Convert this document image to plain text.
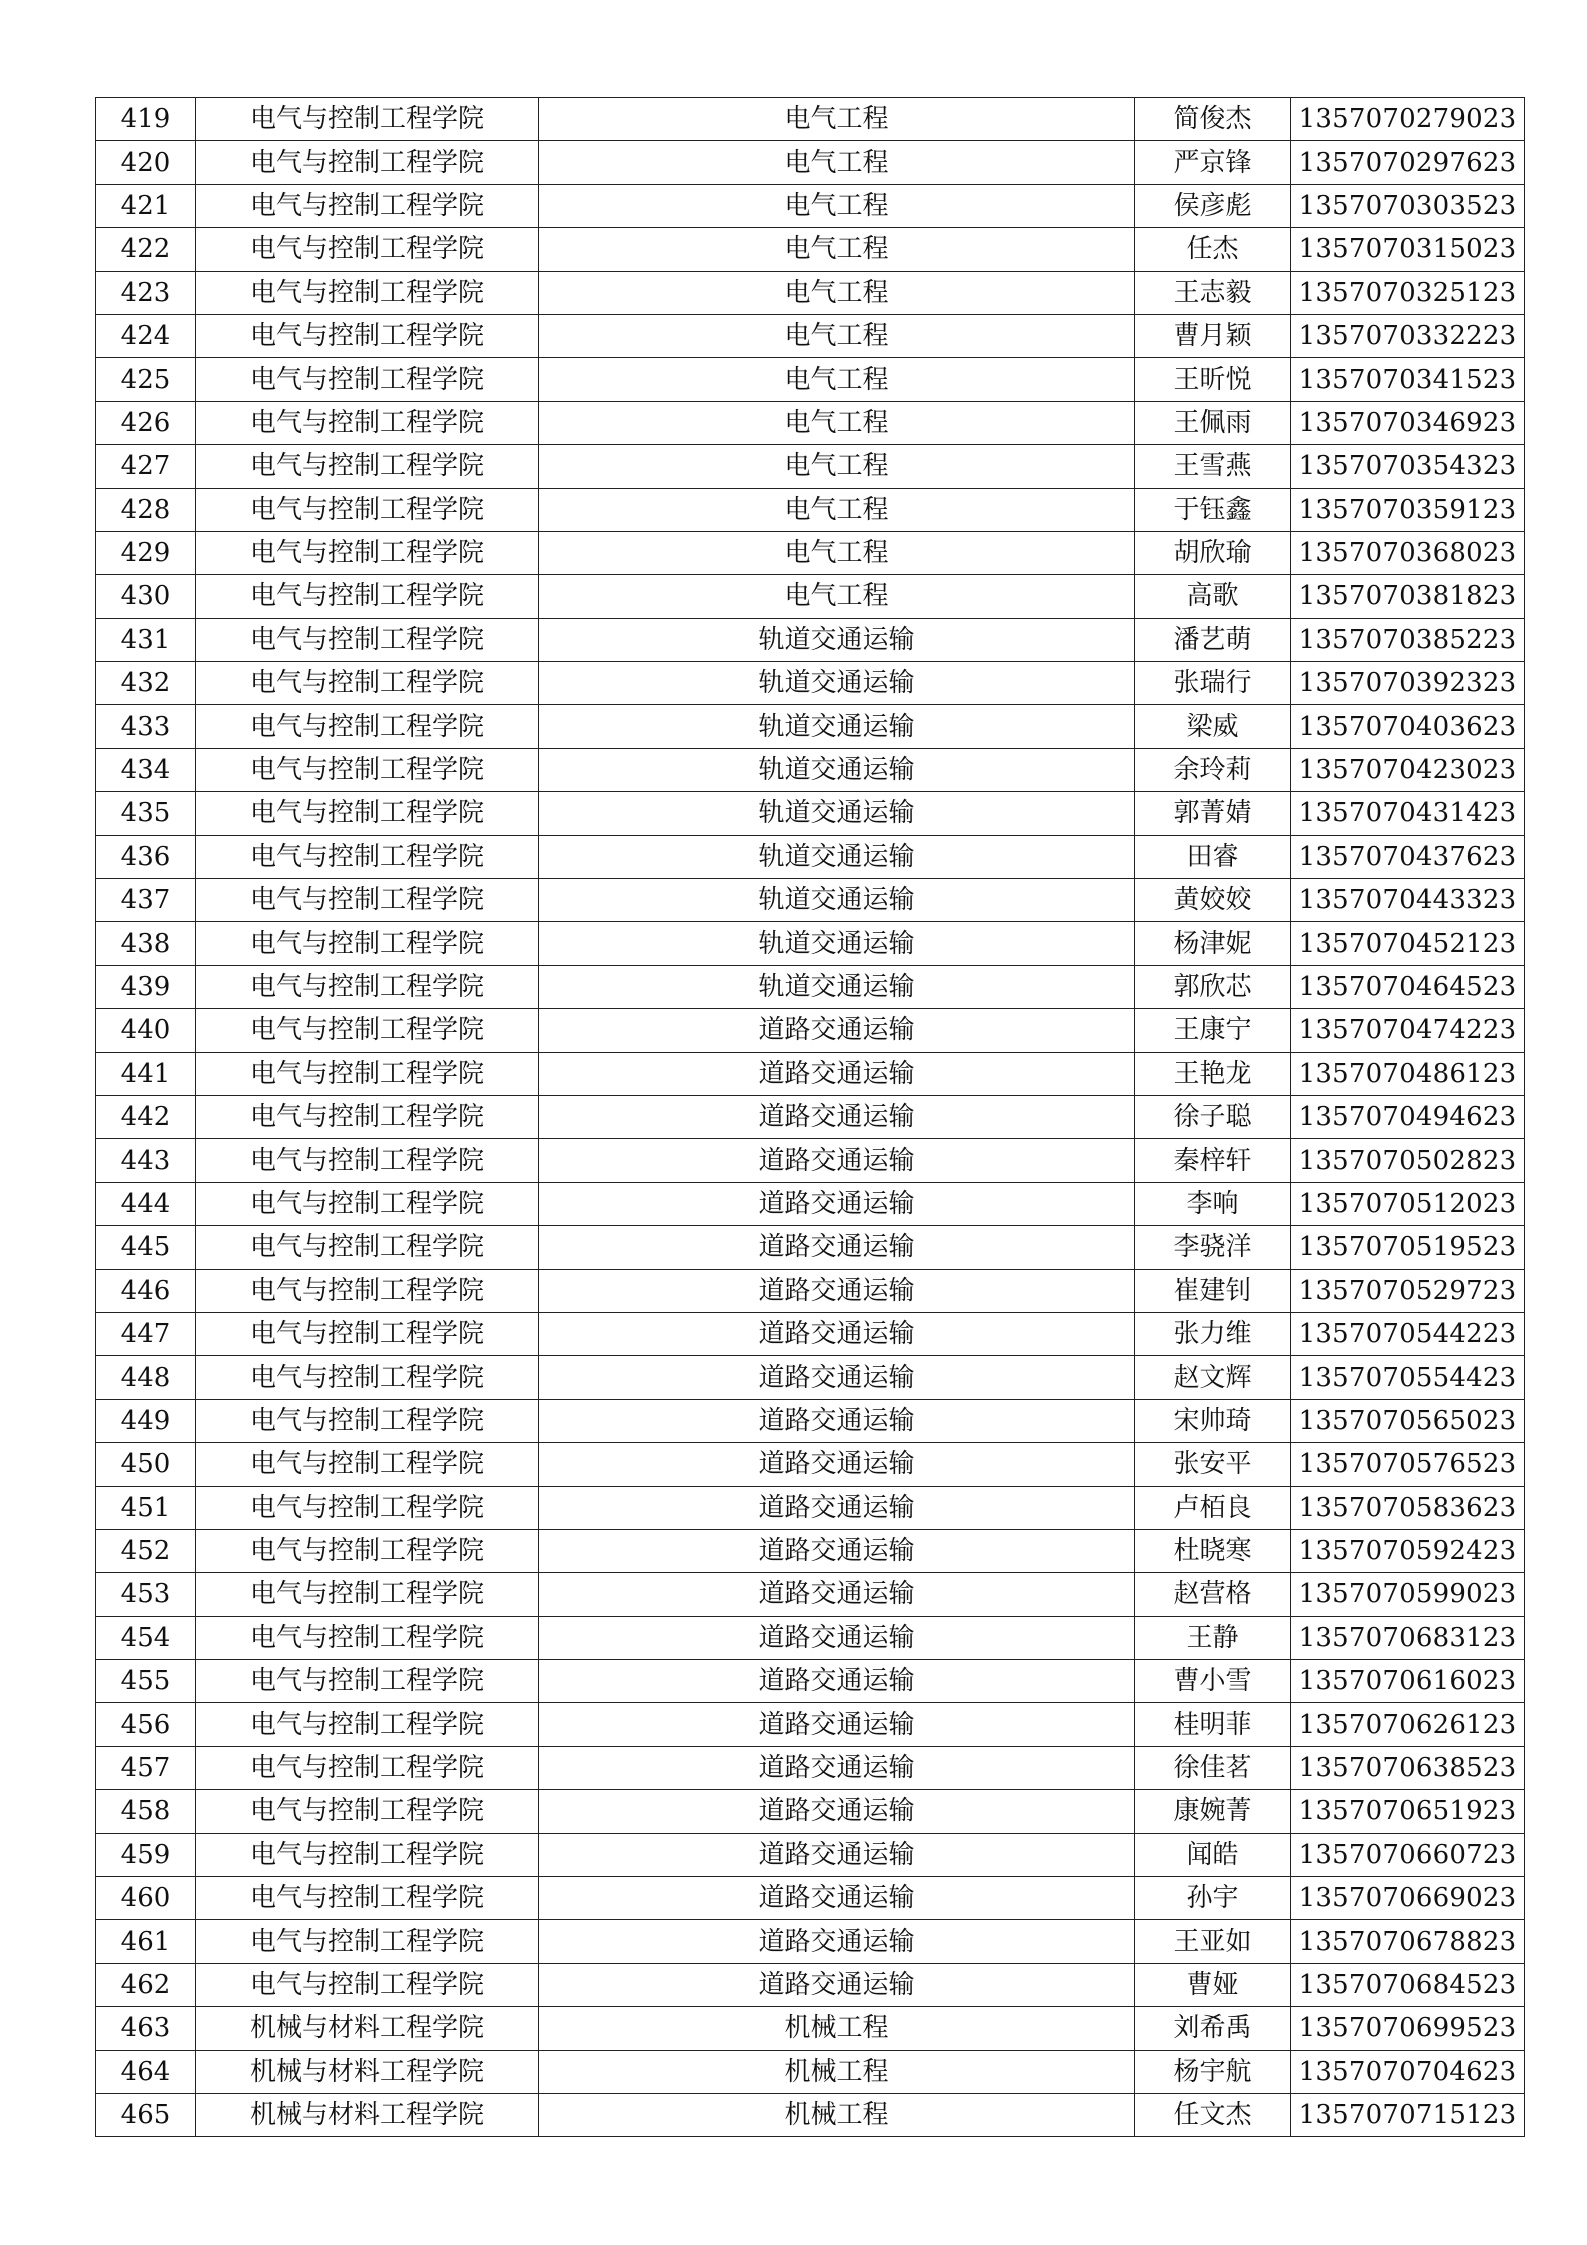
419	电气与控制工程学院	电气工程	简俊杰	1357070279023
420	电气与控制工程学院	电气工程	严京锋	1357070297623
421	电气与控制工程学院	电气工程	侯彦彪	1357070303523
422	电气与控制工程学院	电气工程	任杰	1357070315023
423	电气与控制工程学院	电气工程	王志毅	1357070325123
424	电气与控制工程学院	电气工程	曹月颖	1357070332223
425	电气与控制工程学院	电气工程	王昕悦	1357070341523
426	电气与控制工程学院	电气工程	王佩雨	1357070346923
427	电气与控制工程学院	电气工程	王雪燕	1357070354323
428	电气与控制工程学院	电气工程	于钰鑫	1357070359123
429	电气与控制工程学院	电气工程	胡欣瑜	1357070368023
430	电气与控制工程学院	电气工程	高歌	1357070381823
431	电气与控制工程学院	轨道交通运输	潘艺萌	1357070385223
432	电气与控制工程学院	轨道交通运输	张瑞行	1357070392323
433	电气与控制工程学院	轨道交通运输	梁威	1357070403623
434	电气与控制工程学院	轨道交通运输	余玲莉	1357070423023
435	电气与控制工程学院	轨道交通运输	郭菁婧	1357070431423
436	电气与控制工程学院	轨道交通运输	田睿	1357070437623
437	电气与控制工程学院	轨道交通运输	黄姣姣	1357070443323
438	电气与控制工程学院	轨道交通运输	杨津妮	1357070452123
439	电气与控制工程学院	轨道交通运输	郭欣芯	1357070464523
440	电气与控制工程学院	道路交通运输	王康宁	1357070474223
441	电气与控制工程学院	道路交通运输	王艳龙	1357070486123
442	电气与控制工程学院	道路交通运输	徐子聪	1357070494623
443	电气与控制工程学院	道路交通运输	秦梓轩	1357070502823
444	电气与控制工程学院	道路交通运输	李响	1357070512023
445	电气与控制工程学院	道路交通运输	李骁洋	1357070519523
446	电气与控制工程学院	道路交通运输	崔建钊	1357070529723
447	电气与控制工程学院	道路交通运输	张力维	1357070544223
448	电气与控制工程学院	道路交通运输	赵文辉	1357070554423
449	电气与控制工程学院	道路交通运输	宋帅琦	1357070565023
450	电气与控制工程学院	道路交通运输	张安平	1357070576523
451	电气与控制工程学院	道路交通运输	卢栢良	1357070583623
452	电气与控制工程学院	道路交通运输	杜晓寒	1357070592423
453	电气与控制工程学院	道路交通运输	赵营格	1357070599023
454	电气与控制工程学院	道路交通运输	王静	1357070683123
455	电气与控制工程学院	道路交通运输	曹小雪	1357070616023
456	电气与控制工程学院	道路交通运输	桂明菲	1357070626123
457	电气与控制工程学院	道路交通运输	徐佳茗	1357070638523
458	电气与控制工程学院	道路交通运输	康婉菁	1357070651923
459	电气与控制工程学院	道路交通运输	闻皓	1357070660723
460	电气与控制工程学院	道路交通运输	孙宇	1357070669023
461	电气与控制工程学院	道路交通运输	王亚如	1357070678823
462	电气与控制工程学院	道路交通运输	曹娅	1357070684523
463	机械与材料工程学院	机械工程	刘希禹	1357070699523
464	机械与材料工程学院	机械工程	杨宇航	1357070704623
465	机械与材料工程学院	机械工程	任文杰	1357070715123
